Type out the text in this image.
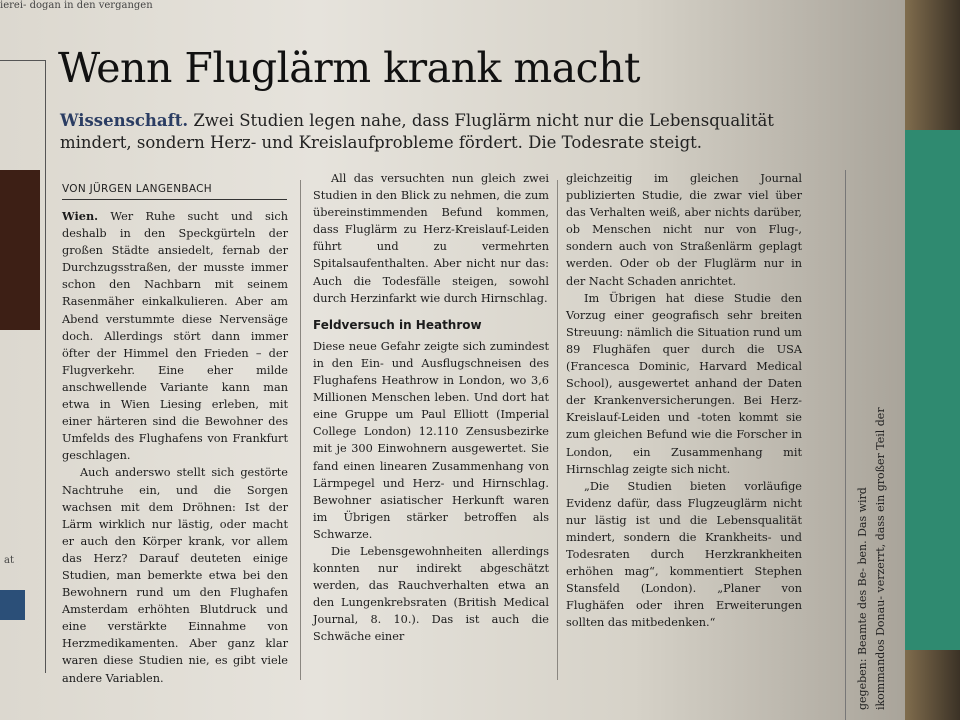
ierei- dogan in den vergangen
at
Wenn Fluglärm krank macht

Wissenschaft. Zwei Studien legen nahe, dass Fluglärm nicht nur die Lebensqualität mindert, sondern Herz- und Kreislaufprobleme fördert. Die Todesrate steigt.

VON JÜRGEN LANGENBACH

Wien. Wer Ruhe sucht und sich deshalb in den Speckgürteln der großen Städte ansiedelt, fernab der Durchzugsstraßen, der musste immer schon den Nachbarn mit seinem Rasenmäher einkalkulieren. Aber am Abend verstummte diese Nervensäge doch. Allerdings stört dann immer öfter der Himmel den Frieden – der Flugverkehr. Eine eher milde anschwellende Variante kann man etwa in Wien Liesing erleben, mit einer härteren sind die Bewohner des Umfelds des Flughafens von Frankfurt geschlagen.

Auch anderswo stellt sich gestörte Nachtruhe ein, und die Sorgen wachsen mit dem Dröhnen: Ist der Lärm wirklich nur lästig, oder macht er auch den Körper krank, vor allem das Herz? Darauf deuteten einige Studien, man bemerkte etwa bei den Bewohnern rund um den Flughafen Amsterdam erhöhten Blutdruck und eine verstärkte Einnahme von Herzmedikamenten. Aber ganz klar waren diese Studien nie, es gibt viele andere Variablen.

All das versuchten nun gleich zwei Studien in den Blick zu nehmen, die zum übereinstimmenden Befund kommen, dass Fluglärm zu Herz-Kreislauf-Leiden führt und zu vermehrten Spitalsaufenthalten. Aber nicht nur das: Auch die Todesfälle steigen, sowohl durch Herzinfarkt wie durch Hirnschlag.

Feldversuch in Heathrow

Diese neue Gefahr zeigte sich zumindest in den Ein- und Ausflugschneisen des Flughafens Heathrow in London, wo 3,6 Millionen Menschen leben. Und dort hat eine Gruppe um Paul Elliott (Imperial College London) 12.110 Zensusbezirke mit je 300 Einwohnern ausgewertet. Sie fand einen linearen Zusammenhang von Lärmpegel und Herz- und Hirnschlag. Bewohner asiatischer Herkunft waren im Übrigen stärker betroffen als Schwarze.

Die Lebensgewohnheiten allerdings konnten nur indirekt abgeschätzt werden, das Rauchverhalten etwa an den Lungenkrebsraten (British Medical Journal, 8. 10.). Das ist auch die Schwäche einer

gleichzeitig im gleichen Journal publizierten Studie, die zwar viel über das Verhalten weiß, aber nichts darüber, ob Menschen nicht nur von Flug-, sondern auch von Straßenlärm geplagt werden. Oder ob der Fluglärm nur in der Nacht Schaden anrichtet.

Im Übrigen hat diese Studie den Vorzug einer geografisch sehr breiten Streuung: nämlich die Situation rund um 89 Flughäfen quer durch die USA (Francesca Dominic, Harvard Medical School), ausgewertet anhand der Daten der Krankenversicherungen. Bei Herz-Kreislauf-Leiden und -toten kommt sie zum gleichen Befund wie die Forscher in London, ein Zusammenhang mit Hirnschlag zeigte sich nicht.

„Die Studien bieten vorläufige Evidenz dafür, dass Flugzeuglärm nicht nur lästig ist und die Lebensqualität mindert, sondern die Krankheits- und Todesraten durch Herzkrankheiten erhöhen mag“, kommentiert Stephen Stansfeld (London). „Planer von Flughäfen oder ihren Erweiterungen sollten das mitbedenken.“	gegeben: Beamte des Be- ben. Das wird ikommandos Donau- verzerrt, dass ein großer Teil der
